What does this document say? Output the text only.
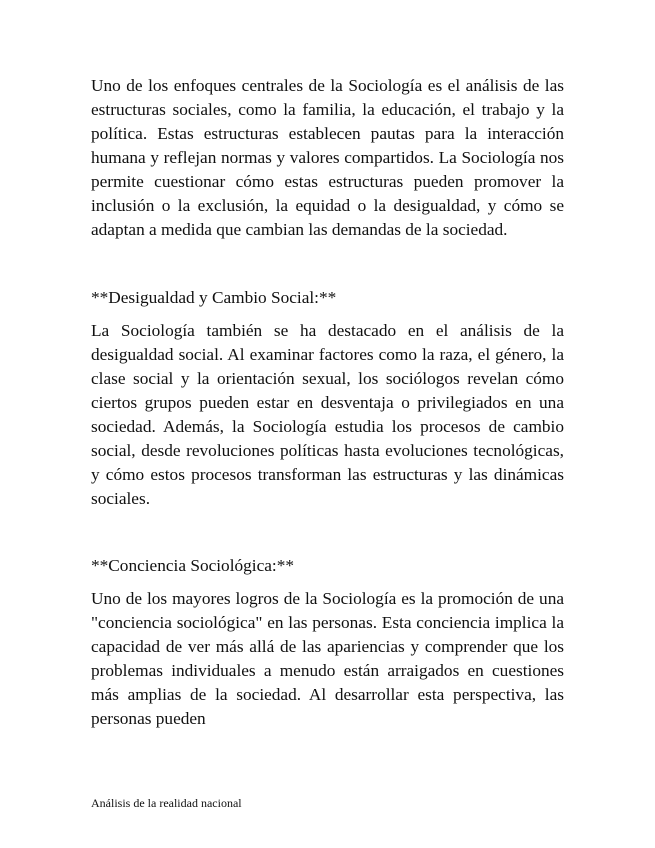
Uno de los enfoques centrales de la Sociología es el análisis de las estructuras sociales, como la familia, la educación, el trabajo y la política. Estas estructuras establecen pautas para la interacción humana y reflejan normas y valores compartidos. La Sociología nos permite cuestionar cómo estas estructuras pueden promover la inclusión o la exclusión, la equidad o la desigualdad, y cómo se adaptan a medida que cambian las demandas de la sociedad.

**Desigualdad y Cambio Social:**

La Sociología también se ha destacado en el análisis de la desigualdad social. Al examinar factores como la raza, el género, la clase social y la orientación sexual, los sociólogos revelan cómo ciertos grupos pueden estar en desventaja o privilegiados en una sociedad. Además, la Sociología estudia los procesos de cambio social, desde revoluciones políticas hasta evoluciones tecnológicas, y cómo estos procesos transforman las estructuras y las dinámicas sociales.

**Conciencia Sociológica:**

Uno de los mayores logros de la Sociología es la promoción de una "conciencia sociológica" en las personas. Esta conciencia implica la capacidad de ver más allá de las apariencias y comprender que los problemas individuales a menudo están arraigados en cuestiones más amplias de la sociedad. Al desarrollar esta perspectiva, las personas pueden

Análisis de la realidad nacional
